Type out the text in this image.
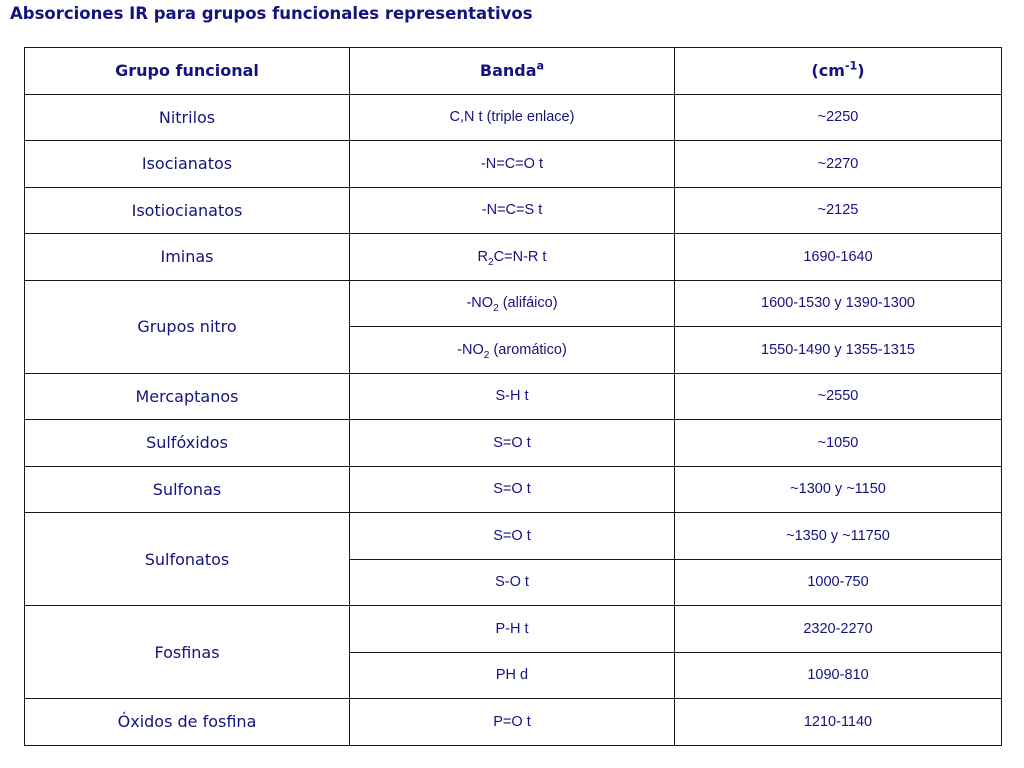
Absorciones IR para grupos funcionales representativos
Grupo funcional	Banda$^a$	$(cm^{-1})$
Nitrilos	C,N t (triple enlace)	~2250
Isocianatos	-N=C=O t	~2270
Isotiocianatos	-N=C=S t	~2125
Iminas	$R_2C=N-R$ t	1690-1640
Grupos nitro	$-NO_2$ (alifáico)	1600-1530 y 1390-1300
	$-NO_2$ (aromático)	1550-1490 y 1355-1315
Mercaptanos	S-H t	~2550
Sulfóxidos	S=O t	~1050
Sulfonas	S=O t	~1300 y ~1150
Sulfonatos	S=O t	~1350 y ~11750
	S-O t	1000-750
Fosfinas	P-H t	2320-2270
	PH d	1090-810
Óxidos de fosfina	P=O t	1210-1140
